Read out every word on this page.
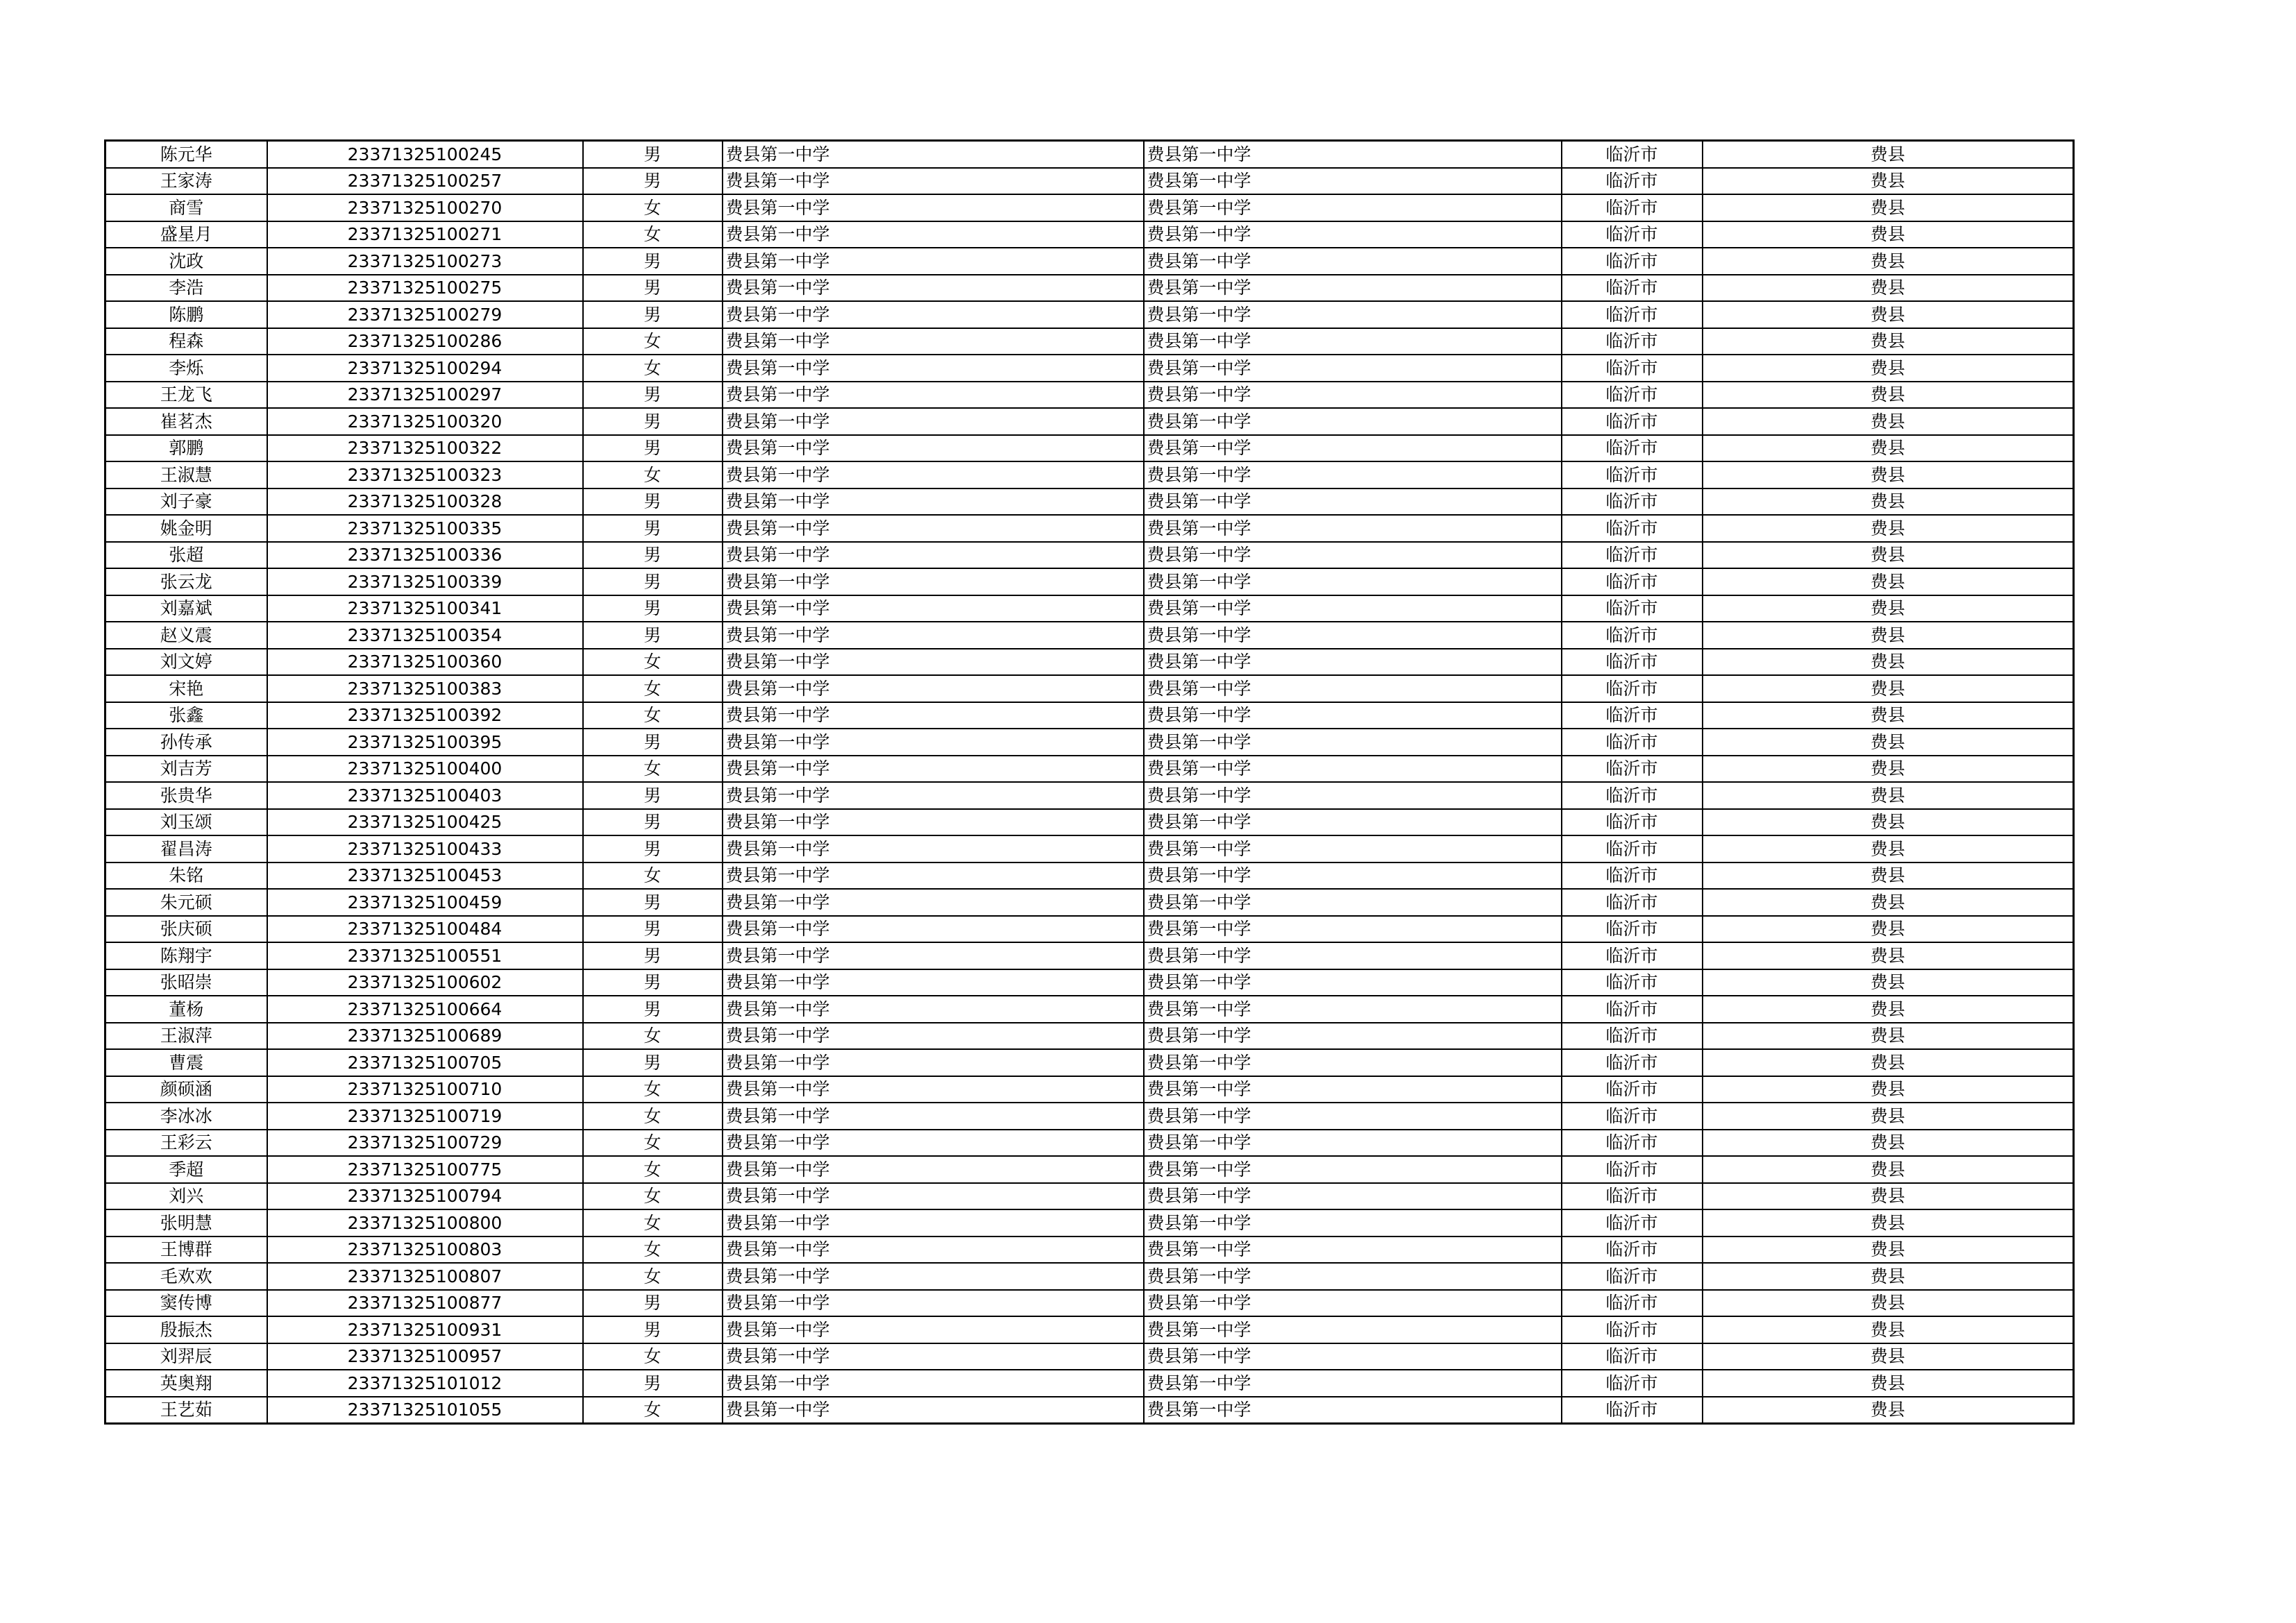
陈元华	23371325100245	男	费县第一中学	费县第一中学	临沂市	费县
王家涛	23371325100257	男	费县第一中学	费县第一中学	临沂市	费县
商雪	23371325100270	女	费县第一中学	费县第一中学	临沂市	费县
盛星月	23371325100271	女	费县第一中学	费县第一中学	临沂市	费县
沈政	23371325100273	男	费县第一中学	费县第一中学	临沂市	费县
李浩	23371325100275	男	费县第一中学	费县第一中学	临沂市	费县
陈鹏	23371325100279	男	费县第一中学	费县第一中学	临沂市	费县
程森	23371325100286	女	费县第一中学	费县第一中学	临沂市	费县
李烁	23371325100294	女	费县第一中学	费县第一中学	临沂市	费县
王龙飞	23371325100297	男	费县第一中学	费县第一中学	临沂市	费县
崔茗杰	23371325100320	男	费县第一中学	费县第一中学	临沂市	费县
郭鹏	23371325100322	男	费县第一中学	费县第一中学	临沂市	费县
王淑慧	23371325100323	女	费县第一中学	费县第一中学	临沂市	费县
刘子豪	23371325100328	男	费县第一中学	费县第一中学	临沂市	费县
姚金明	23371325100335	男	费县第一中学	费县第一中学	临沂市	费县
张超	23371325100336	男	费县第一中学	费县第一中学	临沂市	费县
张云龙	23371325100339	男	费县第一中学	费县第一中学	临沂市	费县
刘嘉斌	23371325100341	男	费县第一中学	费县第一中学	临沂市	费县
赵义震	23371325100354	男	费县第一中学	费县第一中学	临沂市	费县
刘文婷	23371325100360	女	费县第一中学	费县第一中学	临沂市	费县
宋艳	23371325100383	女	费县第一中学	费县第一中学	临沂市	费县
张鑫	23371325100392	女	费县第一中学	费县第一中学	临沂市	费县
孙传承	23371325100395	男	费县第一中学	费县第一中学	临沂市	费县
刘吉芳	23371325100400	女	费县第一中学	费县第一中学	临沂市	费县
张贵华	23371325100403	男	费县第一中学	费县第一中学	临沂市	费县
刘玉颂	23371325100425	男	费县第一中学	费县第一中学	临沂市	费县
翟昌涛	23371325100433	男	费县第一中学	费县第一中学	临沂市	费县
朱铭	23371325100453	女	费县第一中学	费县第一中学	临沂市	费县
朱元硕	23371325100459	男	费县第一中学	费县第一中学	临沂市	费县
张庆硕	23371325100484	男	费县第一中学	费县第一中学	临沂市	费县
陈翔宇	23371325100551	男	费县第一中学	费县第一中学	临沂市	费县
张昭崇	23371325100602	男	费县第一中学	费县第一中学	临沂市	费县
董杨	23371325100664	男	费县第一中学	费县第一中学	临沂市	费县
王淑萍	23371325100689	女	费县第一中学	费县第一中学	临沂市	费县
曹震	23371325100705	男	费县第一中学	费县第一中学	临沂市	费县
颜硕涵	23371325100710	女	费县第一中学	费县第一中学	临沂市	费县
李冰冰	23371325100719	女	费县第一中学	费县第一中学	临沂市	费县
王彩云	23371325100729	女	费县第一中学	费县第一中学	临沂市	费县
季超	23371325100775	女	费县第一中学	费县第一中学	临沂市	费县
刘兴	23371325100794	女	费县第一中学	费县第一中学	临沂市	费县
张明慧	23371325100800	女	费县第一中学	费县第一中学	临沂市	费县
王博群	23371325100803	女	费县第一中学	费县第一中学	临沂市	费县
毛欢欢	23371325100807	女	费县第一中学	费县第一中学	临沂市	费县
窦传博	23371325100877	男	费县第一中学	费县第一中学	临沂市	费县
殷振杰	23371325100931	男	费县第一中学	费县第一中学	临沂市	费县
刘羿辰	23371325100957	女	费县第一中学	费县第一中学	临沂市	费县
英奥翔	23371325101012	男	费县第一中学	费县第一中学	临沂市	费县
王艺茹	23371325101055	女	费县第一中学	费县第一中学	临沂市	费县
